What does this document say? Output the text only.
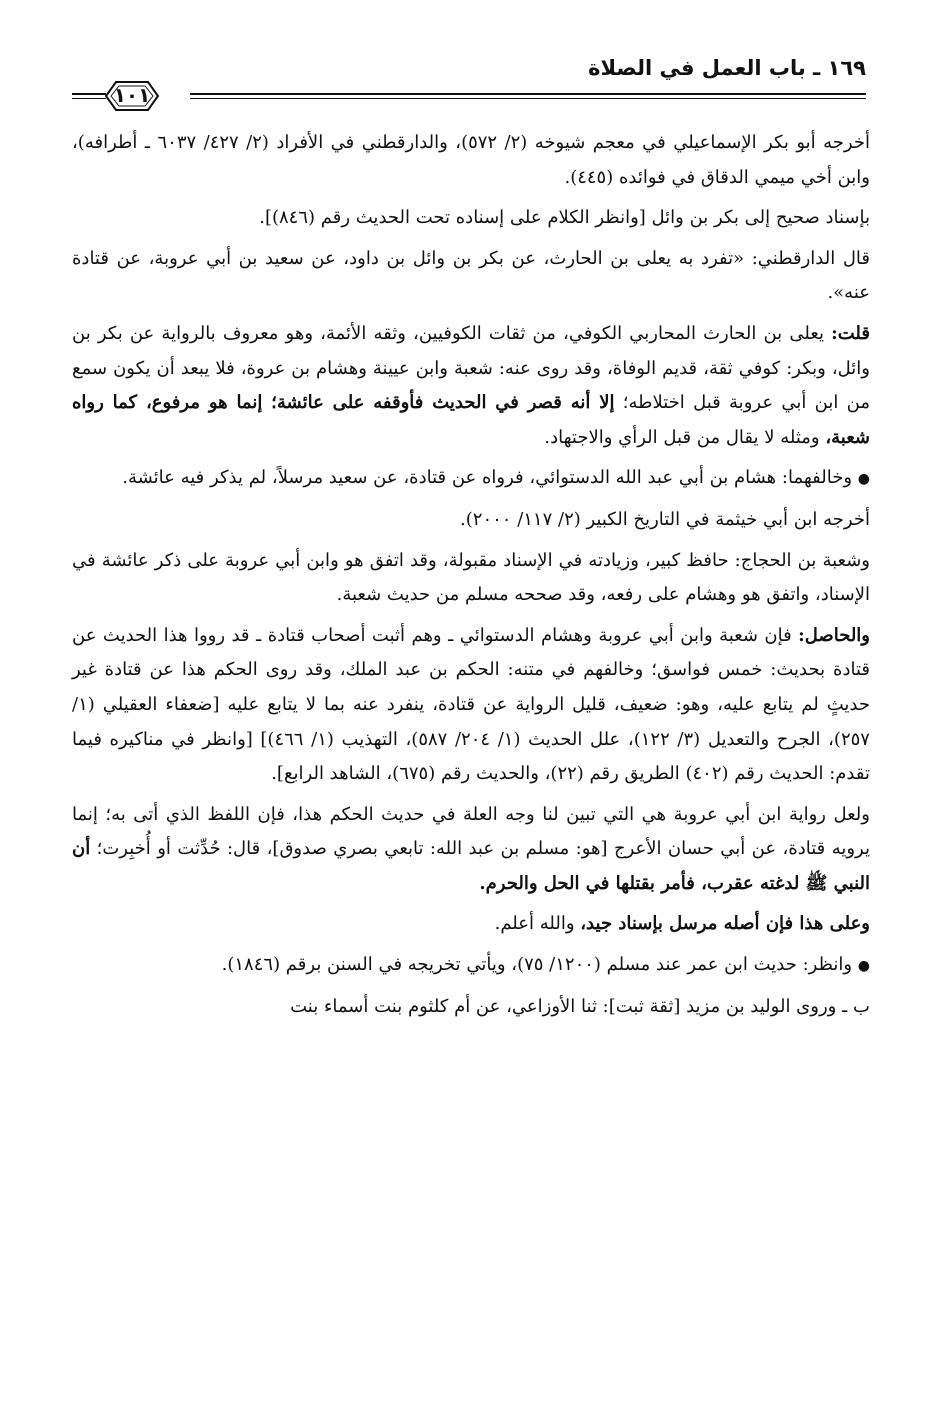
١٦٩ ـ باب العمل في الصلاة
١٠١

أخرجه أبو بكر الإسماعيلي في معجم شيوخه (٢/ ٥٧٢)، والدارقطني في الأفراد (٢/ ٤٢٧/ ٦٠٣٧ ـ أطرافه)، وابن أخي ميمي الدقاق في فوائده (٤٤٥).

بإسناد صحيح إلى بكر بن وائل [وانظر الكلام على إسناده تحت الحديث رقم (٨٤٦)].

قال الدارقطني: «تفرد به يعلى بن الحارث، عن بكر بن وائل بن داود، عن سعيد بن أبي عروبة، عن قتادة عنه».

قلت: يعلى بن الحارث المحاربي الكوفي، من ثقات الكوفيين، وثقه الأئمة، وهو معروف بالرواية عن بكر بن وائل، وبكر: كوفي ثقة، قديم الوفاة، وقد روى عنه: شعبة وابن عيينة وهشام بن عروة، فلا يبعد أن يكون سمع من ابن أبي عروبة قبل اختلاطه؛ إلا أنه قصر في الحديث فأوقفه على عائشة؛ إنما هو مرفوع، كما رواه شعبة، ومثله لا يقال من قبل الرأي والاجتهاد.

● وخالفهما: هشام بن أبي عبد الله الدستوائي، فرواه عن قتادة، عن سعيد مرسلاً، لم يذكر فيه عائشة.

أخرجه ابن أبي خيثمة في التاريخ الكبير (٢/ ١١٧/ ٢٠٠٠).

وشعبة بن الحجاج: حافظ كبير، وزيادته في الإسناد مقبولة، وقد اتفق هو وابن أبي عروبة على ذكر عائشة في الإسناد، واتفق هو وهشام على رفعه، وقد صححه مسلم من حديث شعبة.

والحاصل: فإن شعبة وابن أبي عروبة وهشام الدستوائي ـ وهم أثبت أصحاب قتادة ـ قد رووا هذا الحديث عن قتادة بحديث: خمس فواسق؛ وخالفهم في متنه: الحكم بن عبد الملك، وقد روى الحكم هذا عن قتادة غير حديثٍ لم يتابع عليه، وهو: ضعيف، قليل الرواية عن قتادة، ينفرد عنه بما لا يتابع عليه [ضعفاء العقيلي (١/ ٢٥٧)، الجرح والتعديل (٣/ ١٢٢)، علل الحديث (١/ ٢٠٤/ ٥٨٧)، التهذيب (١/ ٤٦٦)] [وانظر في مناكيره فيما تقدم: الحديث رقم (٤٠٢) الطريق رقم (٢٢)، والحديث رقم (٦٧٥)، الشاهد الرابع].

ولعل رواية ابن أبي عروبة هي التي تبين لنا وجه العلة في حديث الحكم هذا، فإن اللفظ الذي أتى به؛ إنما يرويه قتادة، عن أبي حسان الأعرج [هو: مسلم بن عبد الله: تابعي بصري صدوق]، قال: حُدِّثت أو أُخبِرت؛ أن النبي ﷺ لدغته عقرب، فأمر بقتلها في الحل والحرم.

وعلى هذا فإن أصله مرسل بإسناد جيد، والله أعلم.

● وانظر: حديث ابن عمر عند مسلم (١٢٠٠/ ٧٥)، ويأتي تخريجه في السنن برقم (١٨٤٦).

ب ـ وروى الوليد بن مزيد [ثقة ثبت]: ثنا الأوزاعي، عن أم كلثوم بنت أسماء بنت
